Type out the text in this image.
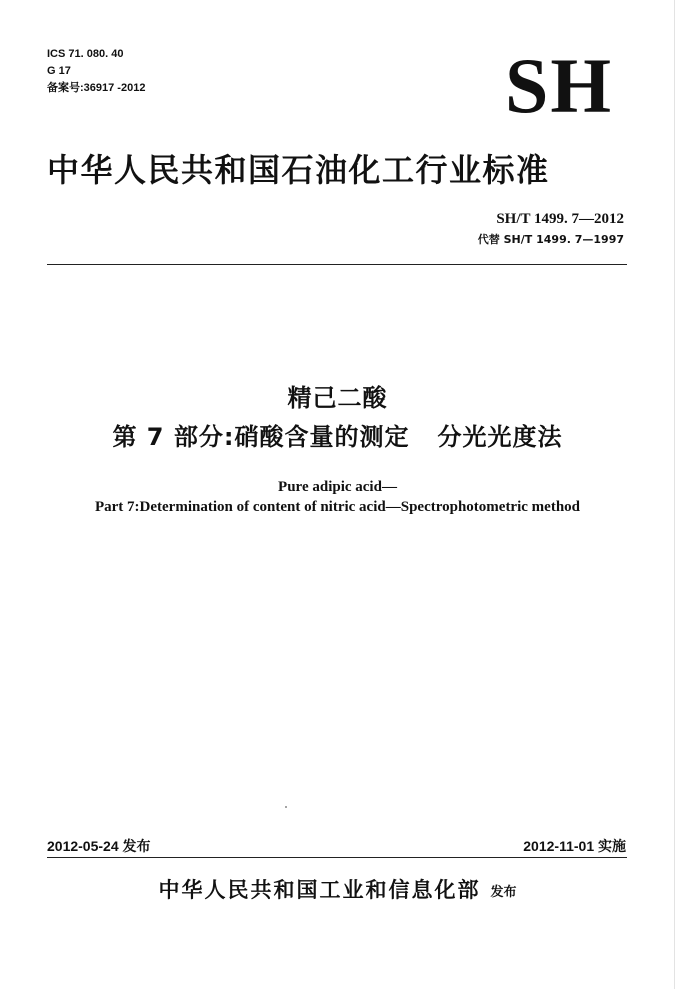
ICS 71. 080. 40
G 17
备案号:36917 -2012	SH
中华人民共和国石油化工行业标准
SH/T 1499. 7—2012
代替 SH/T 1499. 7—1997
精己二酸
第 7 部分:硝酸含量的测定   分光光度法
Pure adipic acid—
Part 7:Determination of content of nitric acid—Spectrophotometric method
2012-05-24 发布	2012-11-01 实施
中华人民共和国工业和信息化部 发布
